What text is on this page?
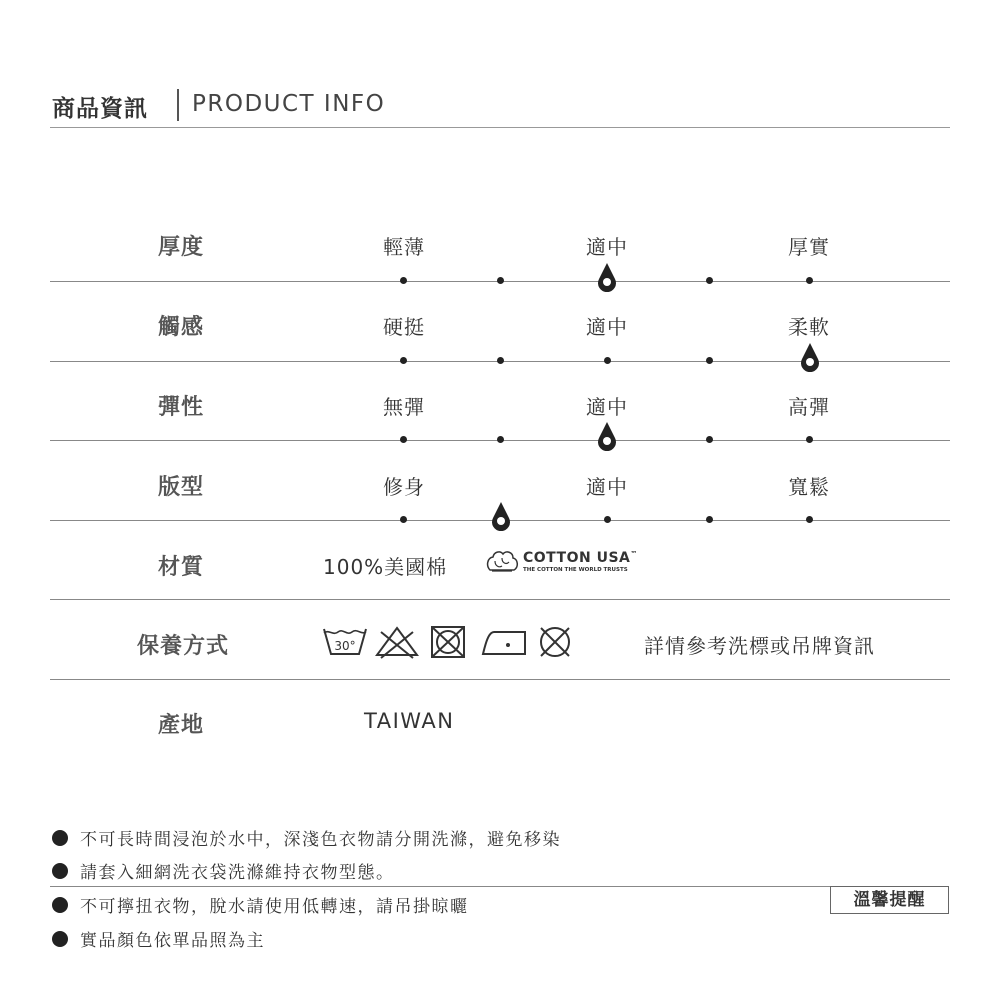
商品資訊 PRODUCT INFO
厚度	輕薄	適中	厚實
觸感	硬挺	適中	柔軟
彈性	無彈	適中	高彈
版型	修身	適中	寬鬆
材質	100%美國棉	COTTON USA™
THE COTTON THE WORLD TRUSTS
保養方式	30°	詳情參考洗標或吊牌資訊
產地	TAIWAN
不可長時間浸泡於水中，深淺色衣物請分開洗滌，避免移染
請套入細網洗衣袋洗滌維持衣物型態。
不可擰扭衣物，脫水請使用低轉速，請吊掛晾曬	溫馨提醒
實品顏色依單品照為主
